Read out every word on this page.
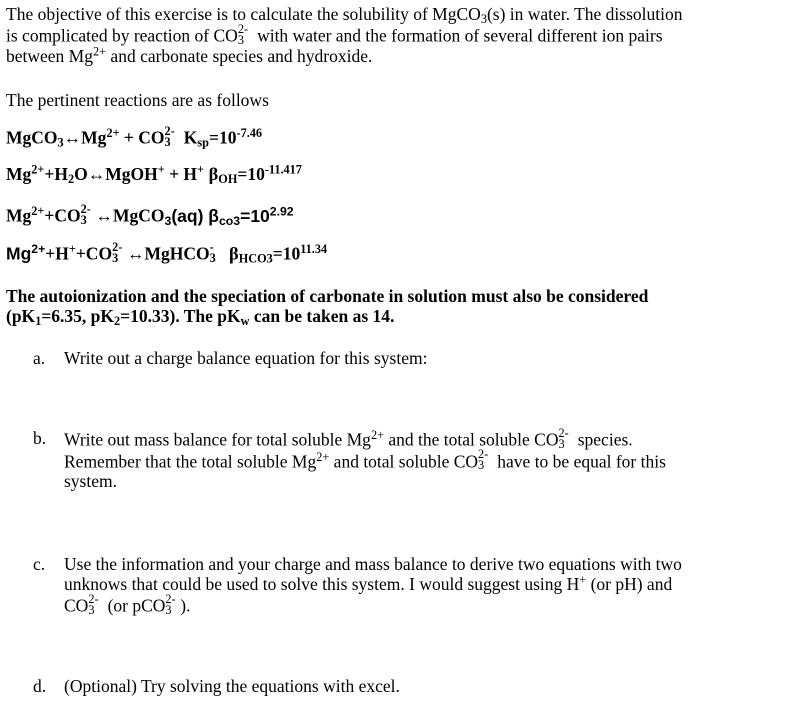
The objective of this exercise is to calculate the solubility of MgCO$_3$(s) in water. The dissolution
is complicated by reaction of CO 2-
3 with water and the formation of several different ion pairs
between $Mg^{2+}$ and carbonate species and hydroxide.
The pertinent reactions are as follows
$MgCO_3\leftrightarrow Mg^{2+}$ + CO 2-
3 $K_{sp}=10^{-7.46}$
$Mg^{2+}+H_2O\leftrightarrow MgOH^+ + H^+$ $\beta_{OH}=10^{-11.417}$
$Mg^{2+}+CO$ 2-
3 ↔MgCO$_3$(aq) $\beta_{co3}=10^{2.92}$
$Mg^{2+}+H^++CO$ 2-
3 ↔MgHCO -
3 $\beta_{HCO3}=10^{11.34}$
The autoionization and the speciation of carbonate in solution must also be considered
($pK_1=6.35$, $pK_2=10.33$). The $pK_w$ can be taken as 14.
a.	Write out a charge balance equation for this system:
b.	Write out mass balance for total soluble $Mg^{2+}$ and the total soluble CO 2-
3 species.
Remember that the total soluble $Mg^{2+}$ and total soluble CO 2-
3 have to be equal for this
system.
c.	Use the information and your charge and mass balance to derive two equations with two
unknows that could be used to solve this system. I would suggest using H+ (or pH) and
CO 2-
3 (or pCO 2-
3 ).
d.	(Optional) Try solving the equations with excel.
